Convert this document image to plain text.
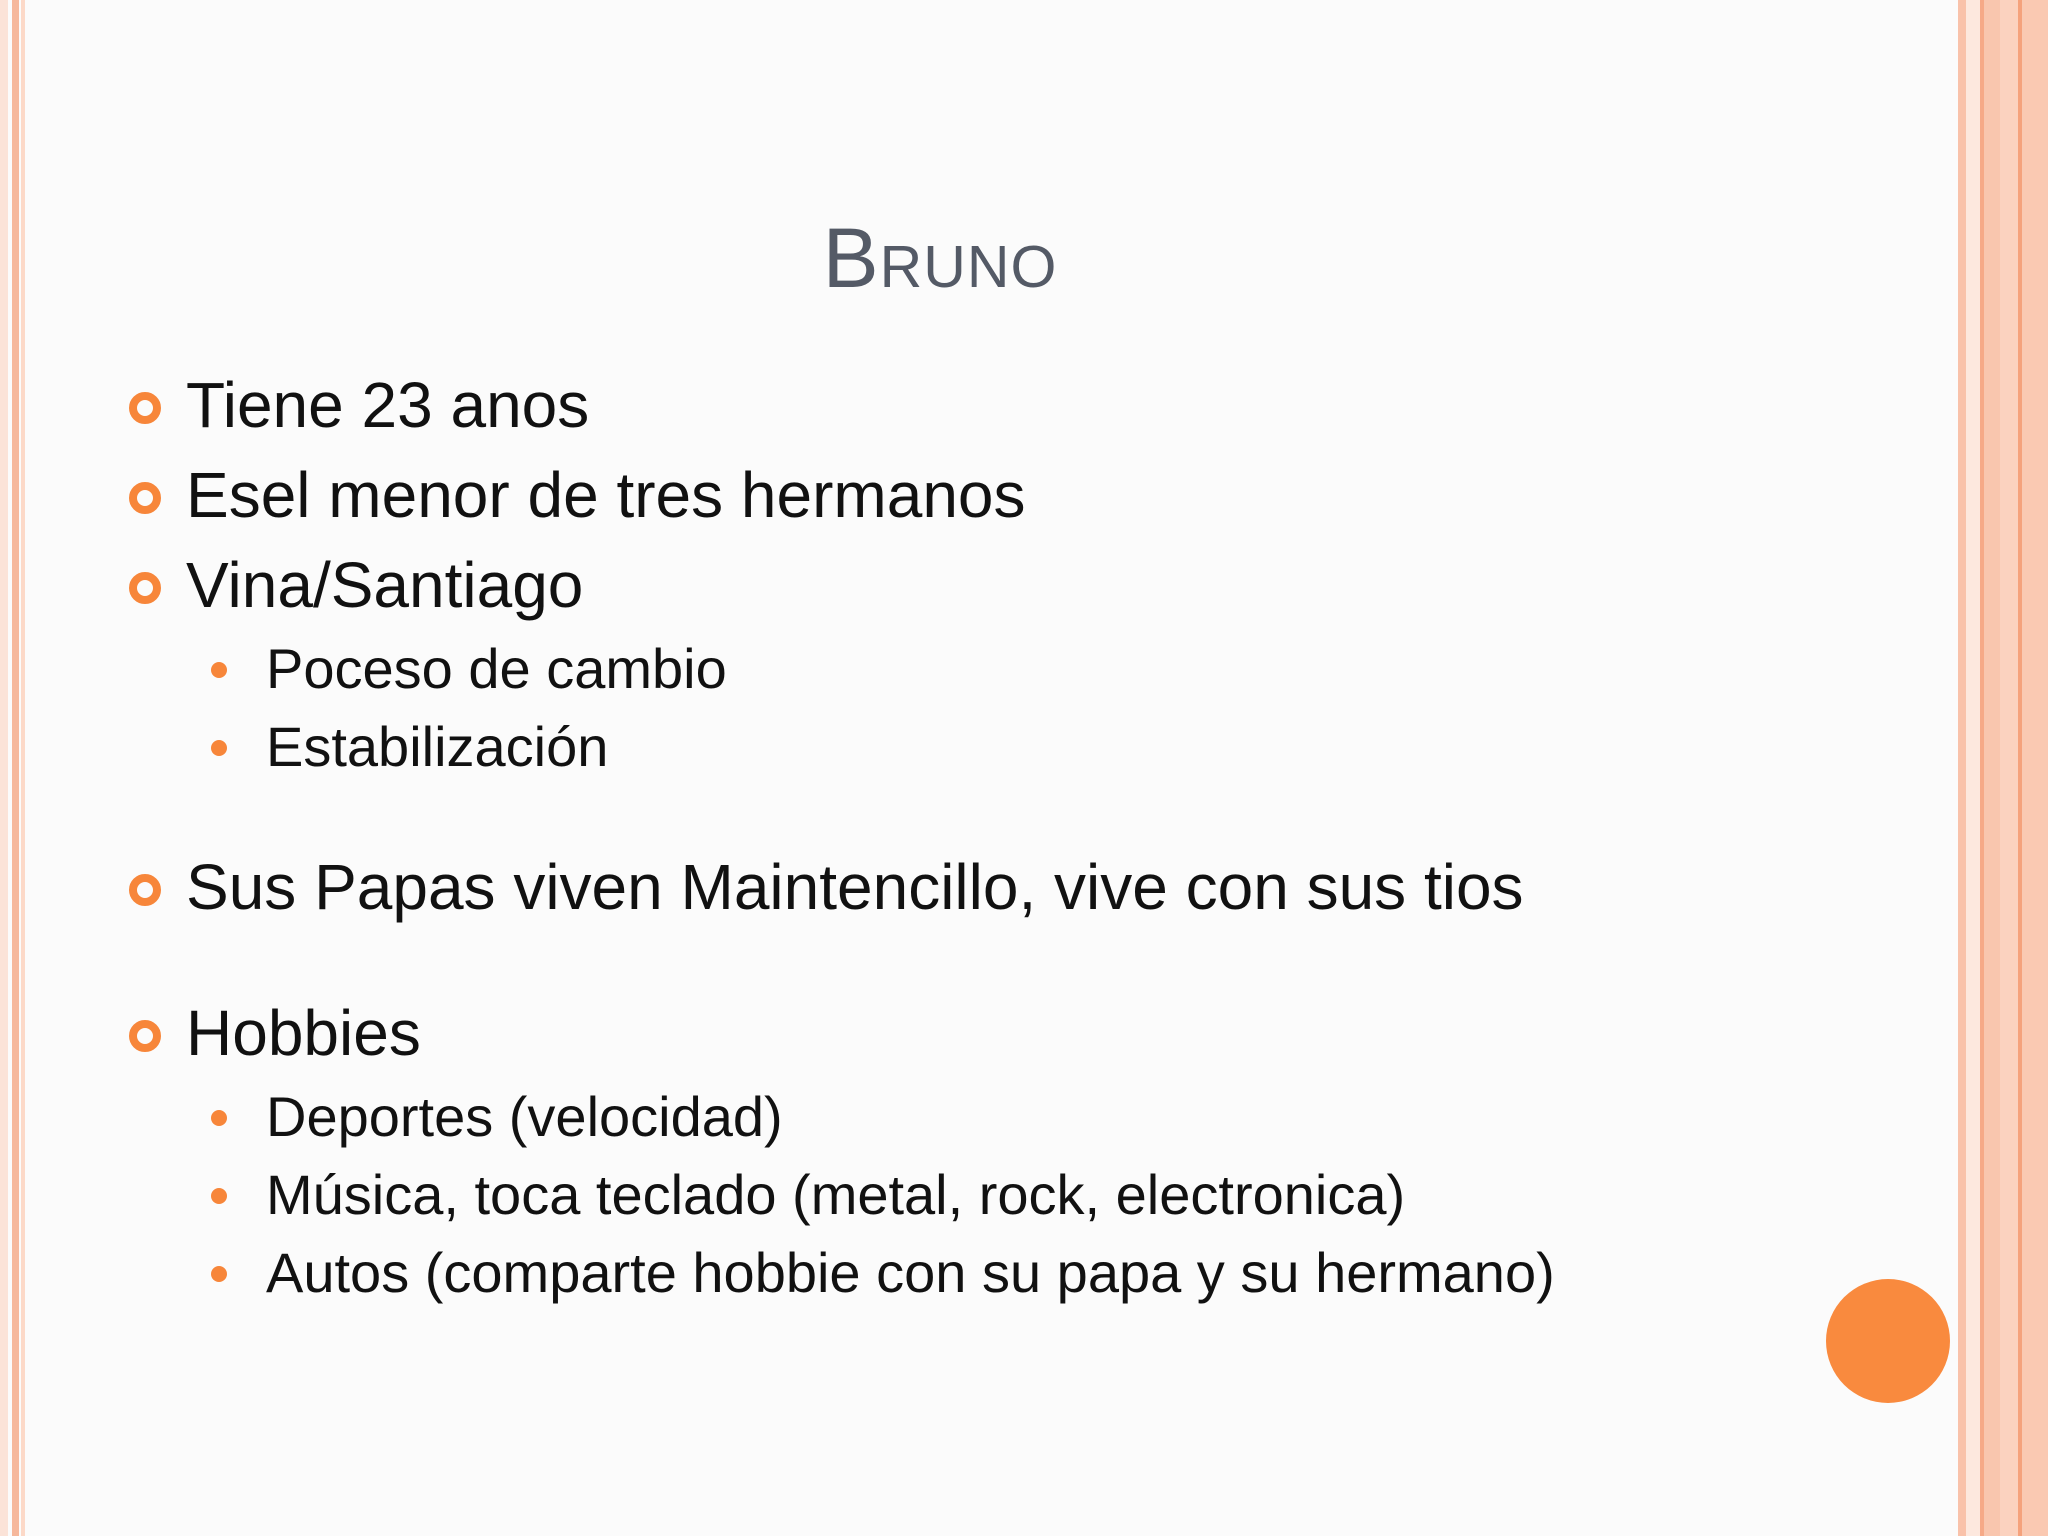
Bruno
Tiene 23 anos
Esel menor de tres hermanos
Vina/Santiago
Poceso de cambio
Estabilización
Sus Papas viven Maintencillo, vive con sus tios
Hobbies
Deportes (velocidad)
Música, toca teclado (metal, rock, electronica)
Autos (comparte hobbie con su papa y su hermano)
